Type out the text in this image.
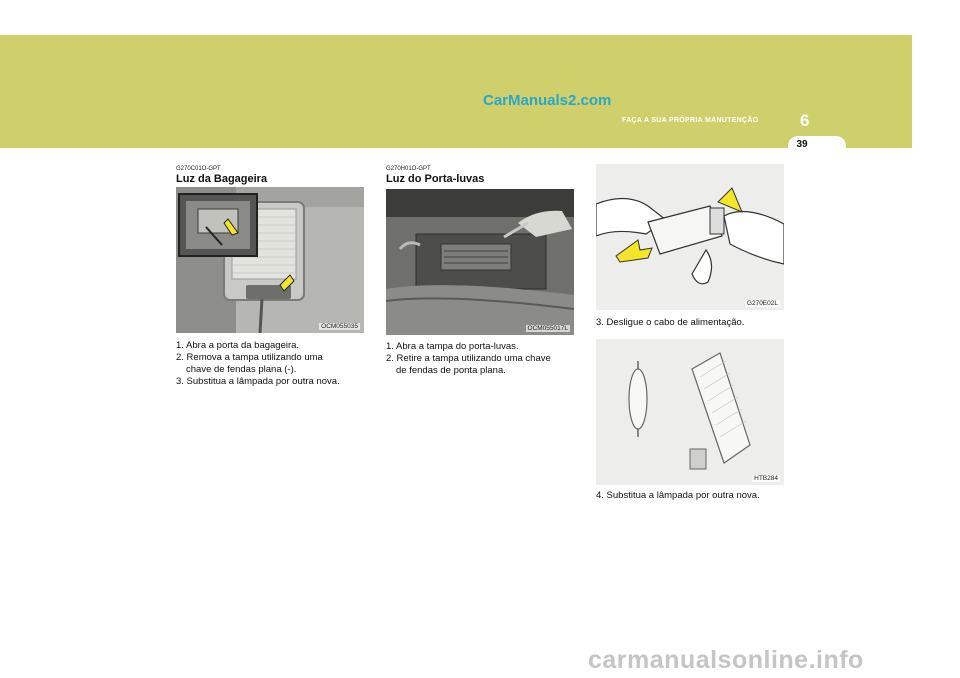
CarManuals2.com
FAÇA A SUA PRÓPRIA MANUTENÇÃO 6
39
G270C01O-GPT
Luz da Bagageira
OCM055035
1. Abra a porta da bagageira.
2. Remova a tampa utilizando uma
chave de fendas plana (-).
3. Substitua a lâmpada por outra nova.
G270H01O-GPT
Luz do Porta-luvas
OCM055017L
1. Abra a tampa do porta-luvas.
2. Retire a tampa utilizando uma chave
de fendas de ponta plana.
G270E02L
3. Desligue o cabo de alimentação.
HTB284
4. Substitua a lâmpada por outra nova.
carmanualsonline.info
